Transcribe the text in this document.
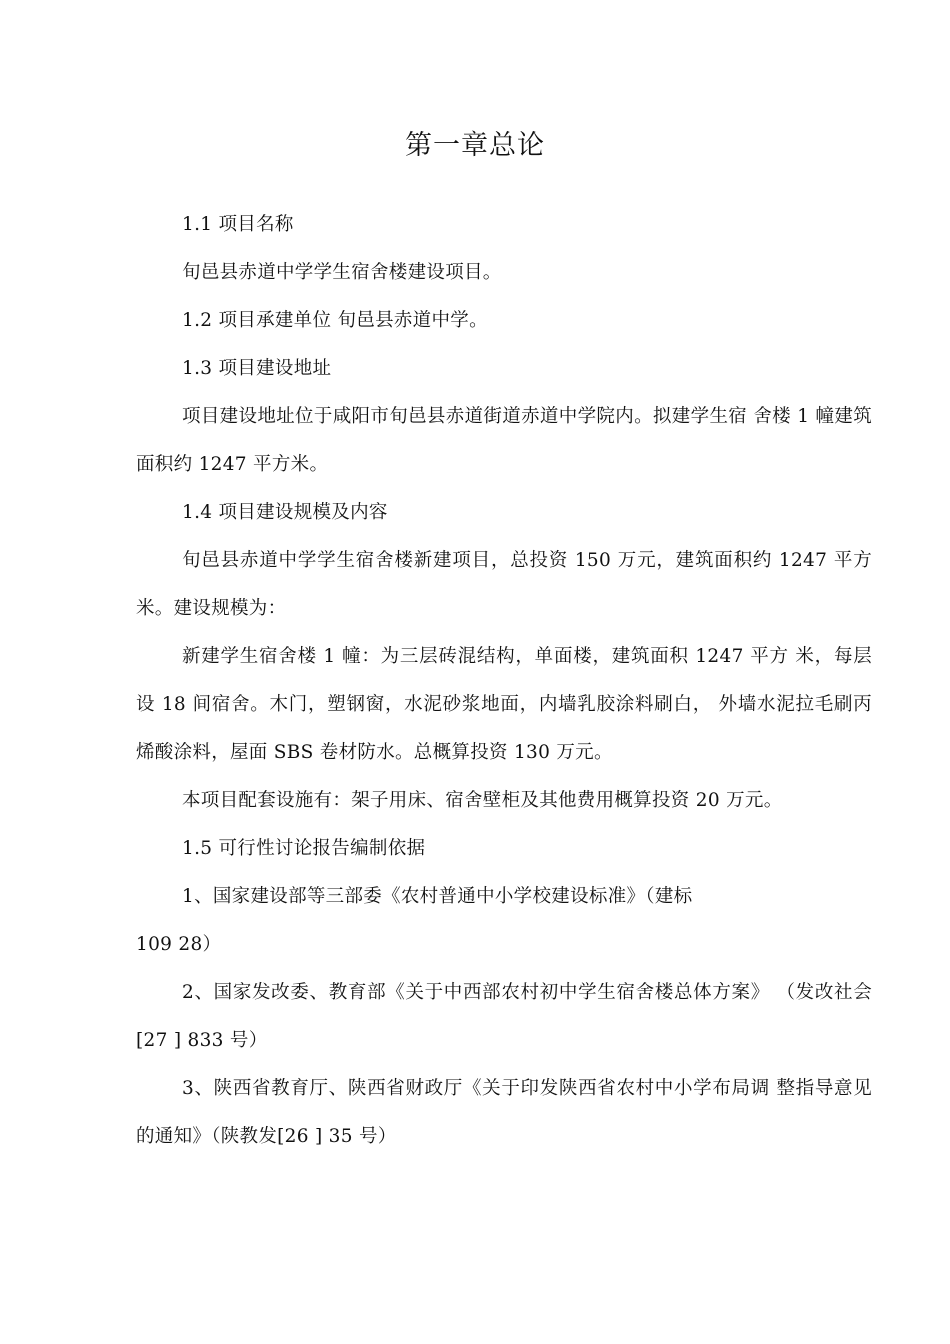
第一章总论

1.1 项目名称

旬邑县赤道中学学生宿舍楼建设项目。

1.2 项目承建单位 旬邑县赤道中学。

1.3 项目建设地址

项目建设地址位于咸阳市旬邑县赤道街道赤道中学院内。拟建学生宿 舍楼 1 幢建筑面积约 1247 平方米。

1.4 项目建设规模及内容

旬邑县赤道中学学生宿舍楼新建项目，总投资 150 万元，建筑面积约 1247 平方米。建设规模为：

新建学生宿舍楼 1 幢：为三层砖混结构，单面楼，建筑面积 1247 平方 米，每层设 18 间宿舍。木门，塑钢窗，水泥砂浆地面，内墙乳胶涂料刷白， 外墙水泥拉毛刷丙烯酸涂料，屋面 SBS 卷材防水。总概算投资 130 万元。

本项目配套设施有：架子用床、宿舍壁柜及其他费用概算投资 20 万元。

1.5 可行性讨论报告编制依据

1、国家建设部等三部委《农村普通中小学校建设标准》（建标

109 28）

2、国家发改委、教育部《关于中西部农村初中学生宿舍楼总体方案》 （发改社会[27 ] 833 号）

3、陕西省教育厅、陕西省财政厅《关于印发陕西省农村中小学布局调 整指导意见的通知》（陕教发[26 ] 35 号）
